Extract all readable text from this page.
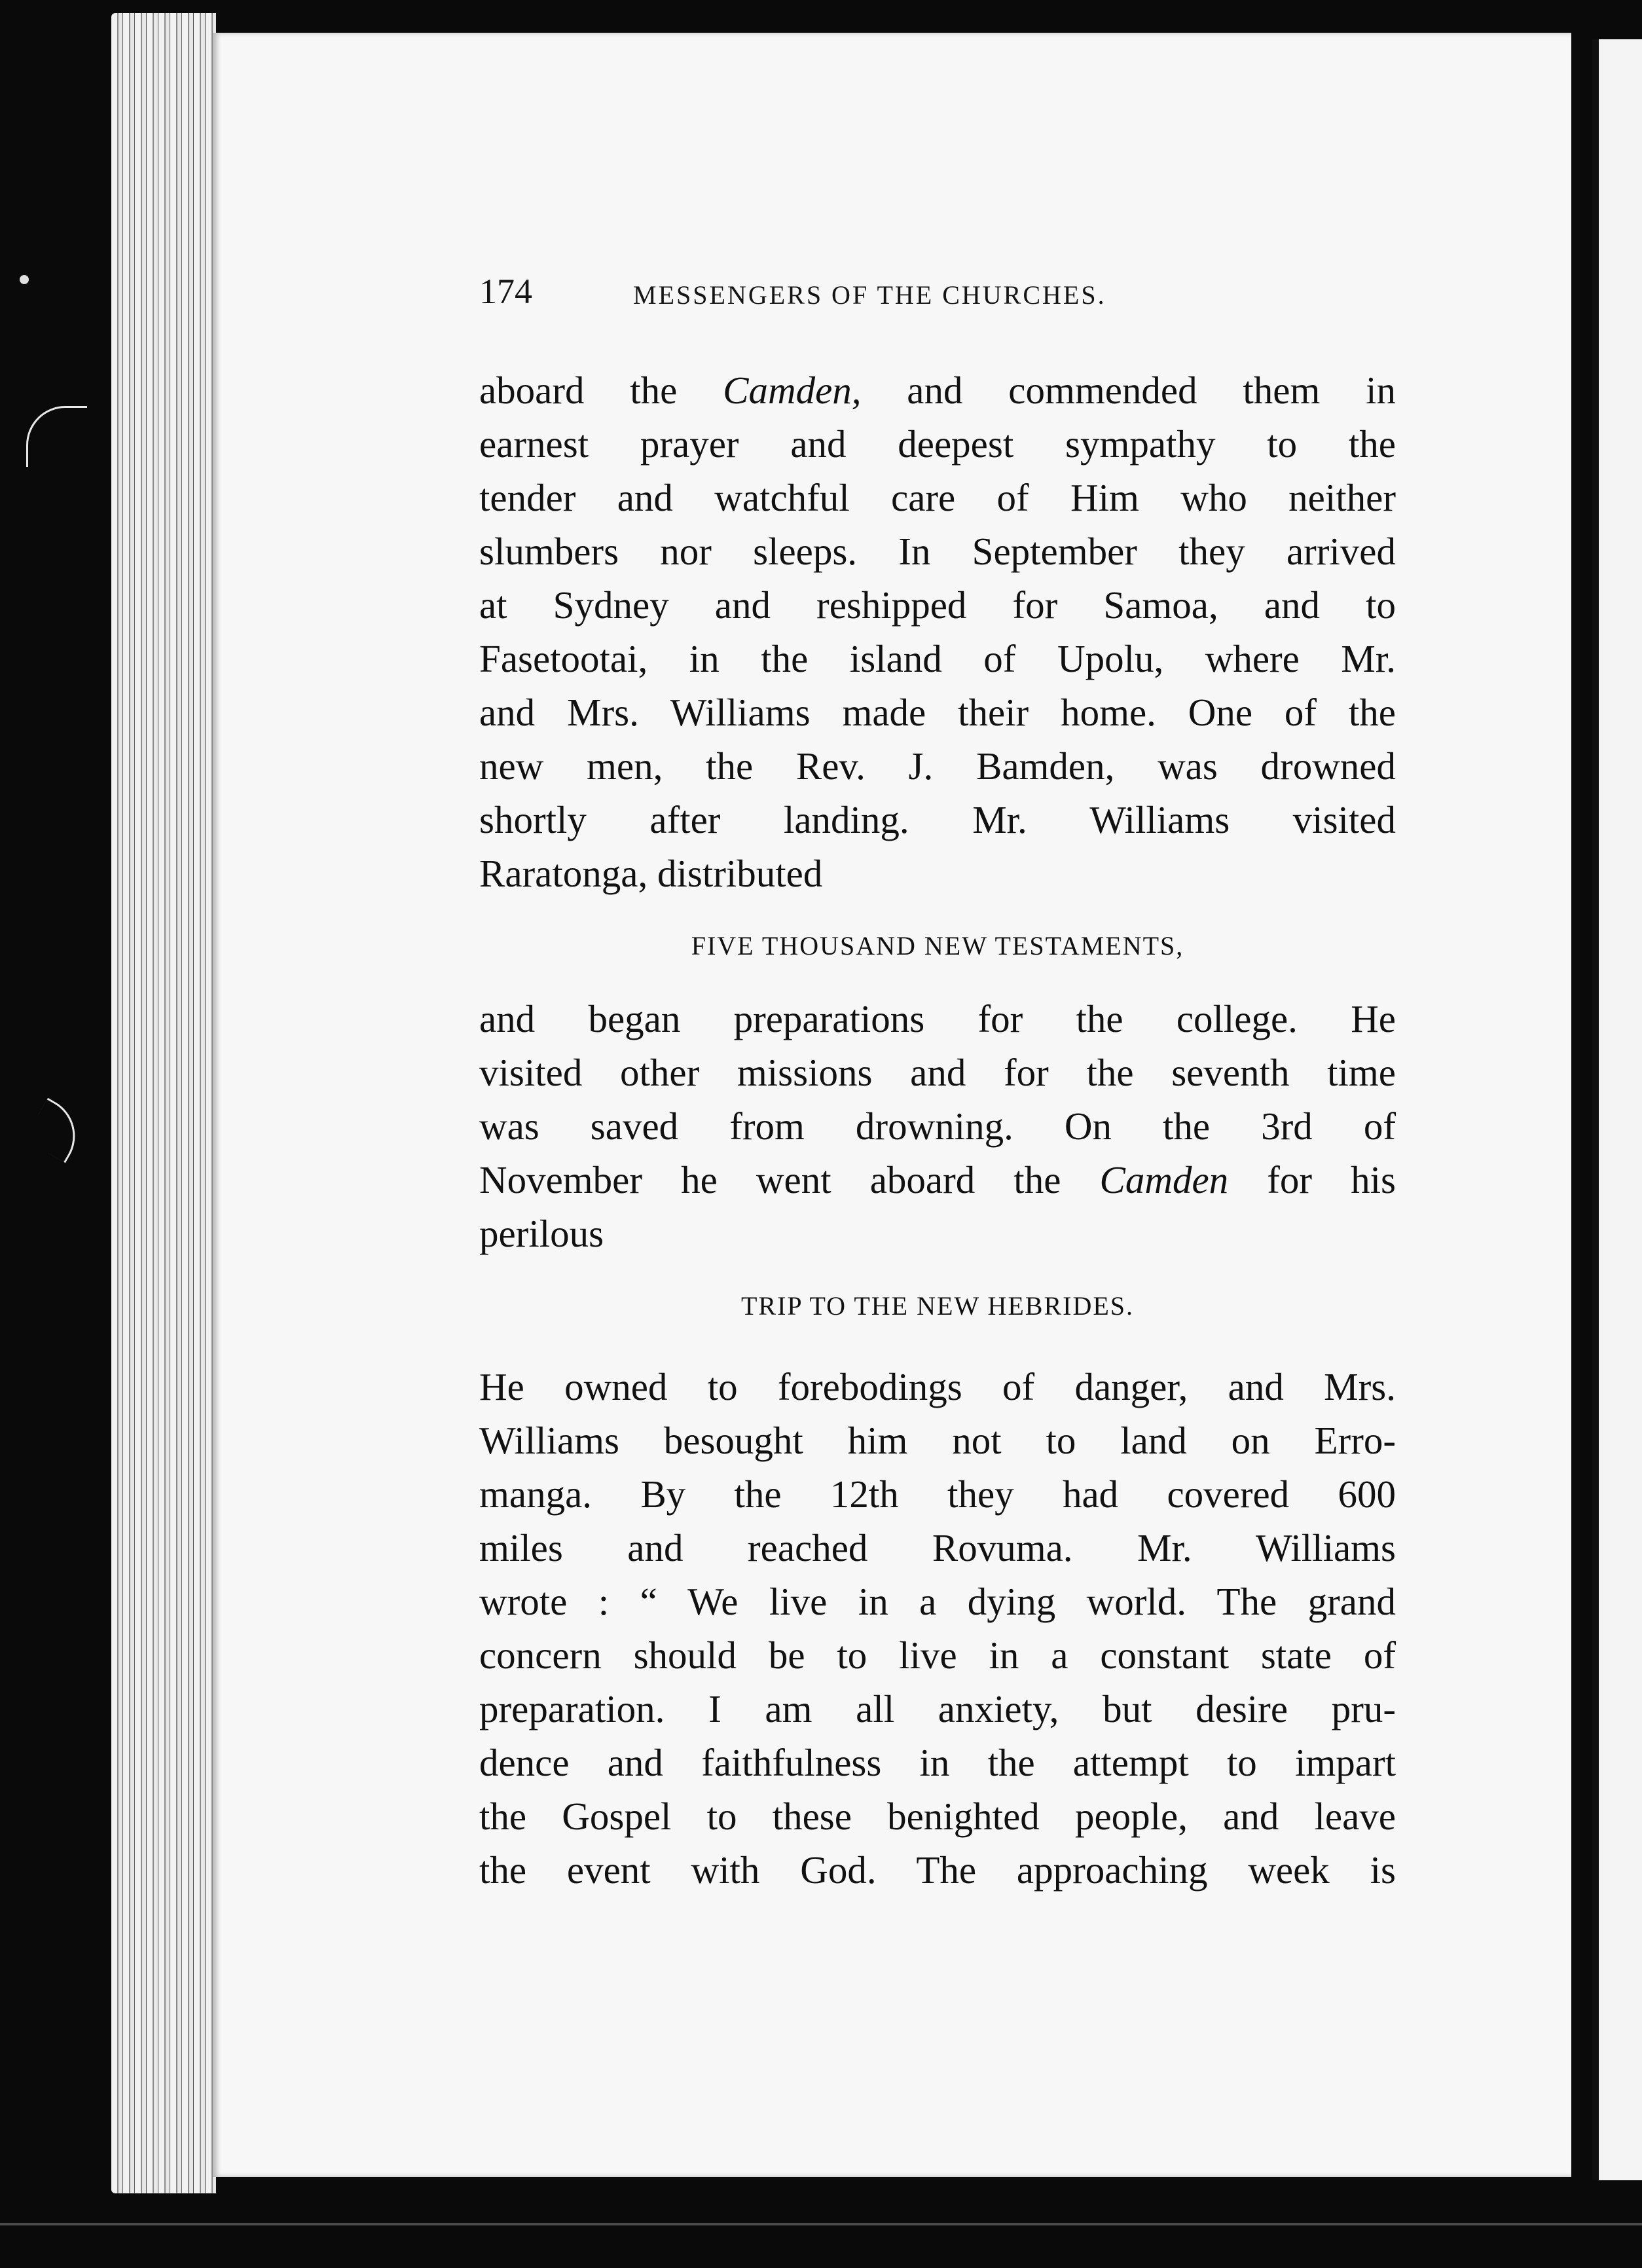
174	MESSENGERS OF THE CHURCHES.
aboard the Camden, and commended them in
earnest prayer and deepest sympathy to the
tender and watchful care of Him who neither
slumbers nor sleeps. In September they arrived
at Sydney and reshipped for Samoa, and to
Fasetootai, in the island of Upolu, where Mr.
and Mrs. Williams made their home. One of the
new men, the Rev. J. Bamden, was drowned
shortly after landing. Mr. Williams visited
Raratonga, distributed
FIVE THOUSAND NEW TESTAMENTS,
and began preparations for the college. He
visited other missions and for the seventh time
was saved from drowning. On the 3rd of
November he went aboard the Camden for his
perilous
TRIP TO THE NEW HEBRIDES.
He owned to forebodings of danger, and Mrs.
Williams besought him not to land on Erro-
manga. By the 12th they had covered 600
miles and reached Rovuma. Mr. Williams
wrote : “ We live in a dying world. The grand
concern should be to live in a constant state of
preparation. I am all anxiety, but desire pru-
dence and faithfulness in the attempt to impart
the Gospel to these benighted people, and leave
the event with God. The approaching week is
